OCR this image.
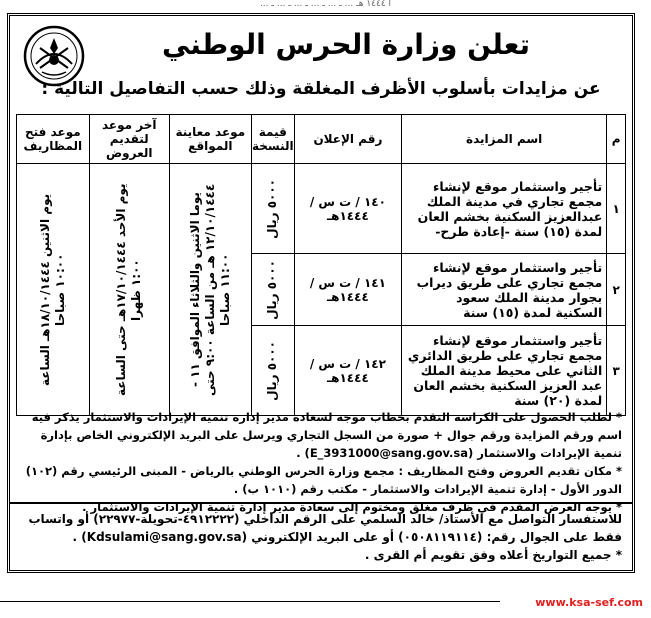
أ ١٤٤٤ هـ ... ـ ... ـ ... ـ ... ـ ... ـ ...
تعلن وزارة الحرس الوطني
عن مزايدات بأسلوب الأظرف المغلقة وذلك حسب التفاصيل التالية :
م	اسم المزايدة	رقم الإعلان	قيمة النسخة	موعد معاينة المواقع	آخر موعد لتقديم العروض	موعد فتح المظاريف
١	تأجير واستثمار موقع لإنشاء مجمع تجاري في مدينة الملك عبدالعزيز السكنية بخشم العان لمدة (١٥) سنة -إعادة طرح-	١٤٠ / ت س / ١٤٤٤هـ	٥٠٠٠ ريال	يوما الاثنين والثلاثاء الموافق ١١ - ١٢/١٠/١٤٤٤ هـ من الساعة ٩:٠٠ حتى ١١:٠٠ صباحا	يوم الأحد ١٧/١٠/١٤٤٤هـ حتى الساعة ١:٠٠ ظهرا	يوم الاثنين ١٨/١٠/١٤٤٤هـ الساعة ١٠:٠٠ صباحا

٢	تأجير واستثمار موقع لإنشاء مجمع تجاري على طريق ديراب بجوار مدينة الملك سعود السكنية لمدة (١٥) سنة	١٤١ / ت س / ١٤٤٤هـ	٥٠٠٠ ريال			

٣	تأجير واستثمار موقع لإنشاء مجمع تجاري على طريق الدائري الثاني على محيط مدينة الملك عبد العزيز السكنية بخشم العان لمدة (٢٠) سنة	١٤٢ / ت س / ١٤٤٤هـ	٥٠٠٠ ريال			

* لطلب الحصول على الكراسة التقدم بخطاب موجه لسعادة مدير إدارة تنمية الإيرادات والاستثمار يذكر فيه اسم ورقم المزايدة ورقم جوال + صورة من السجل التجاري ويرسل على البريد الإلكتروني الخاص بإدارة تنمية الإيرادات والاستثمار (E_3931000@sang.gov.sa) .

* مكان تقديم العروض وفتح المظاريف : مجمع وزارة الحرس الوطني بالرياض - المبنى الرئيسي رقم (١٠٢) الدور الأول - إدارة تنمية الإيرادات والاستثمار - مكتب رقم (١٠١٠ ب) .

* يوجه العرض المقدم في ظرف مغلق ومختوم إلى سعادة مدير إدارة تنمية الإيرادات والاستثمار .

للاستفسار التواصل مع الأستاذ/ خالد السلمي على الرقم الداخلي (٤٩١٢٢٢٢-تحويلة-٢٢٩٧٧) أو واتساب فقط على الجوال رقم: (٠٥٠٨١١٩١١٤) أو على البريد الإلكتروني (Kdsulami@sang.gov.sa) .

* جميع التواريخ أعلاه وفق تقويم أم القرى .

www.ksa-sef.com
